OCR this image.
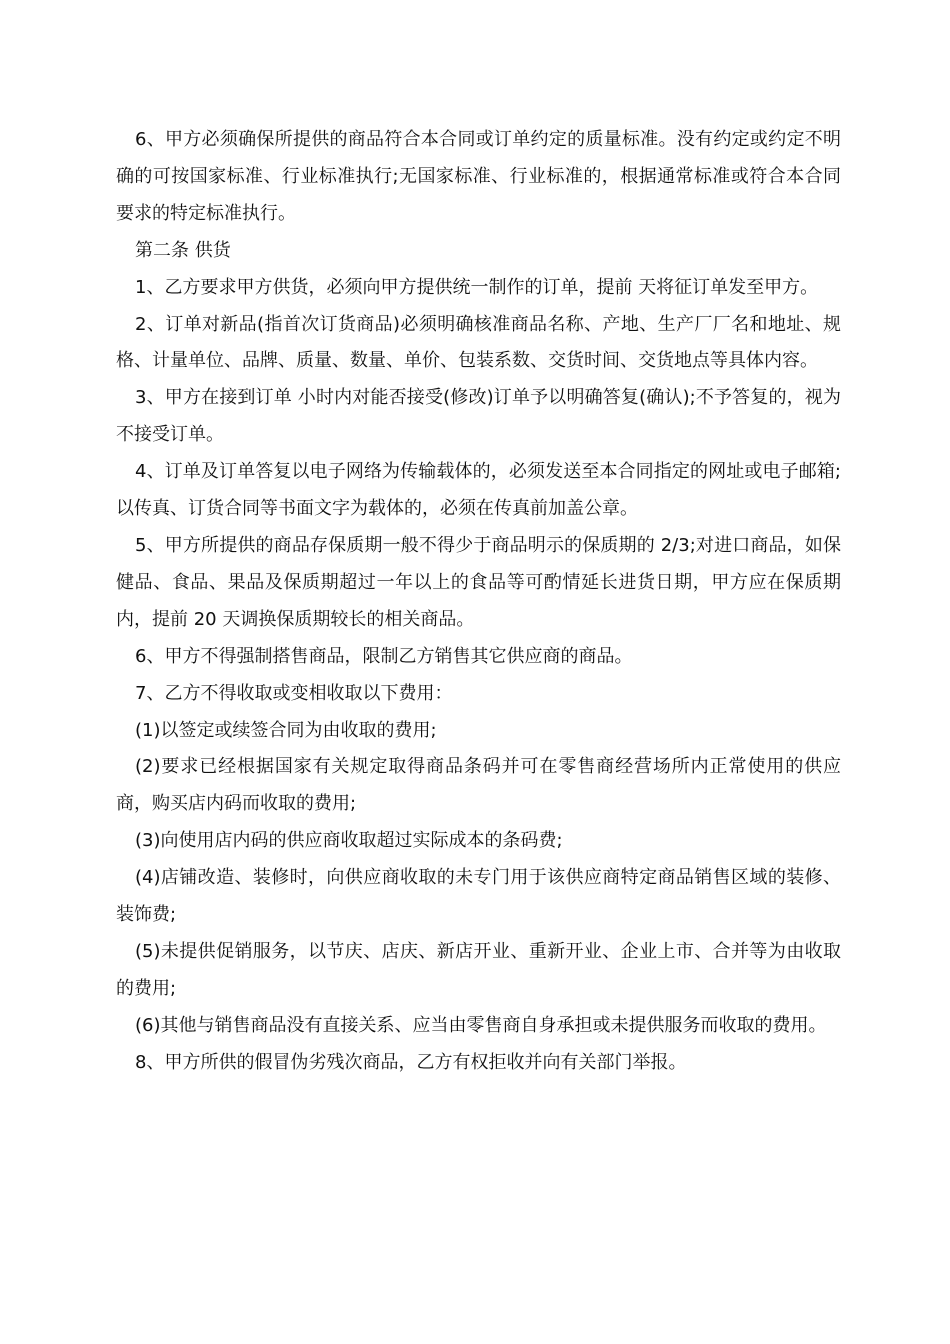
6、甲方必须确保所提供的商品符合本合同或订单约定的质量标准。没有约定或约定不明确的可按国家标准、行业标准执行;无国家标准、行业标准的，根据通常标准或符合本合同要求的特定标准执行。

第二条 供货

1、乙方要求甲方供货，必须向甲方提供统一制作的订单，提前 天将征订单发至甲方。

2、订单对新品(指首次订货商品)必须明确核准商品名称、产地、生产厂厂名和地址、规格、计量单位、品牌、质量、数量、单价、包装系数、交货时间、交货地点等具体内容。

3、甲方在接到订单 小时内对能否接受(修改)订单予以明确答复(确认);不予答复的，视为不接受订单。

4、订单及订单答复以电子网络为传输载体的，必须发送至本合同指定的网址或电子邮箱;以传真、订货合同等书面文字为载体的，必须在传真前加盖公章。

5、甲方所提供的商品存保质期一般不得少于商品明示的保质期的 2/3;对进口商品，如保健品、食品、果品及保质期超过一年以上的食品等可酌情延长进货日期，甲方应在保质期内，提前 20 天调换保质期较长的相关商品。

6、甲方不得强制搭售商品，限制乙方销售其它供应商的商品。

7、乙方不得收取或变相收取以下费用：

(1)以签定或续签合同为由收取的费用;

(2)要求已经根据国家有关规定取得商品条码并可在零售商经营场所内正常使用的供应商，购买店内码而收取的费用;

(3)向使用店内码的供应商收取超过实际成本的条码费;

(4)店铺改造、装修时，向供应商收取的未专门用于该供应商特定商品销售区域的装修、装饰费;

(5)未提供促销服务，以节庆、店庆、新店开业、重新开业、企业上市、合并等为由收取的费用;

(6)其他与销售商品没有直接关系、应当由零售商自身承担或未提供服务而收取的费用。

8、甲方所供的假冒伪劣残次商品，乙方有权拒收并向有关部门举报。
